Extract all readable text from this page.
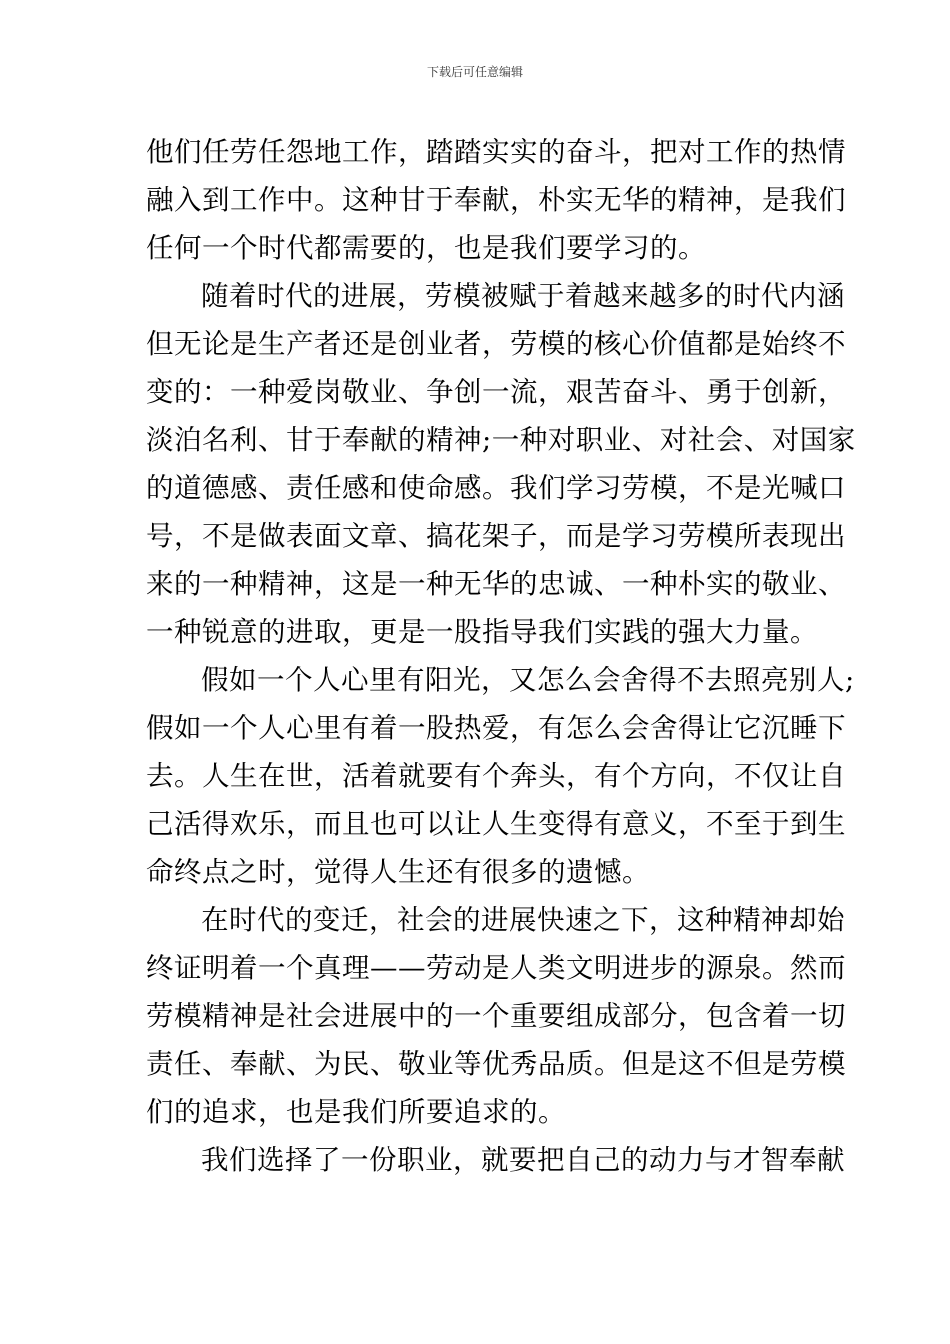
下载后可任意编辑
他们任劳任怨地工作，踏踏实实的奋斗，把对工作的热情
融入到工作中。这种甘于奉献，朴实无华的精神，是我们
任何一个时代都需要的，也是我们要学习的。
随着时代的进展，劳模被赋于着越来越多的时代内涵
但无论是生产者还是创业者，劳模的核心价值都是始终不
变的：一种爱岗敬业、争创一流，艰苦奋斗、勇于创新，
淡泊名利、甘于奉献的精神;一种对职业、对社会、对国家
的道德感、责任感和使命感。我们学习劳模，不是光喊口
号，不是做表面文章、搞花架子，而是学习劳模所表现出
来的一种精神，这是一种无华的忠诚、一种朴实的敬业、
一种锐意的进取，更是一股指导我们实践的强大力量。
假如一个人心里有阳光，又怎么会舍得不去照亮别人;
假如一个人心里有着一股热爱，有怎么会舍得让它沉睡下
去。人生在世，活着就要有个奔头，有个方向，不仅让自
己活得欢乐，而且也可以让人生变得有意义，不至于到生
命终点之时，觉得人生还有很多的遗憾。
在时代的变迁，社会的进展快速之下，这种精神却始
终证明着一个真理——劳动是人类文明进步的源泉。然而
劳模精神是社会进展中的一个重要组成部分，包含着一切
责任、奉献、为民、敬业等优秀品质。但是这不但是劳模
们的追求，也是我们所要追求的。
我们选择了一份职业，就要把自己的动力与才智奉献
